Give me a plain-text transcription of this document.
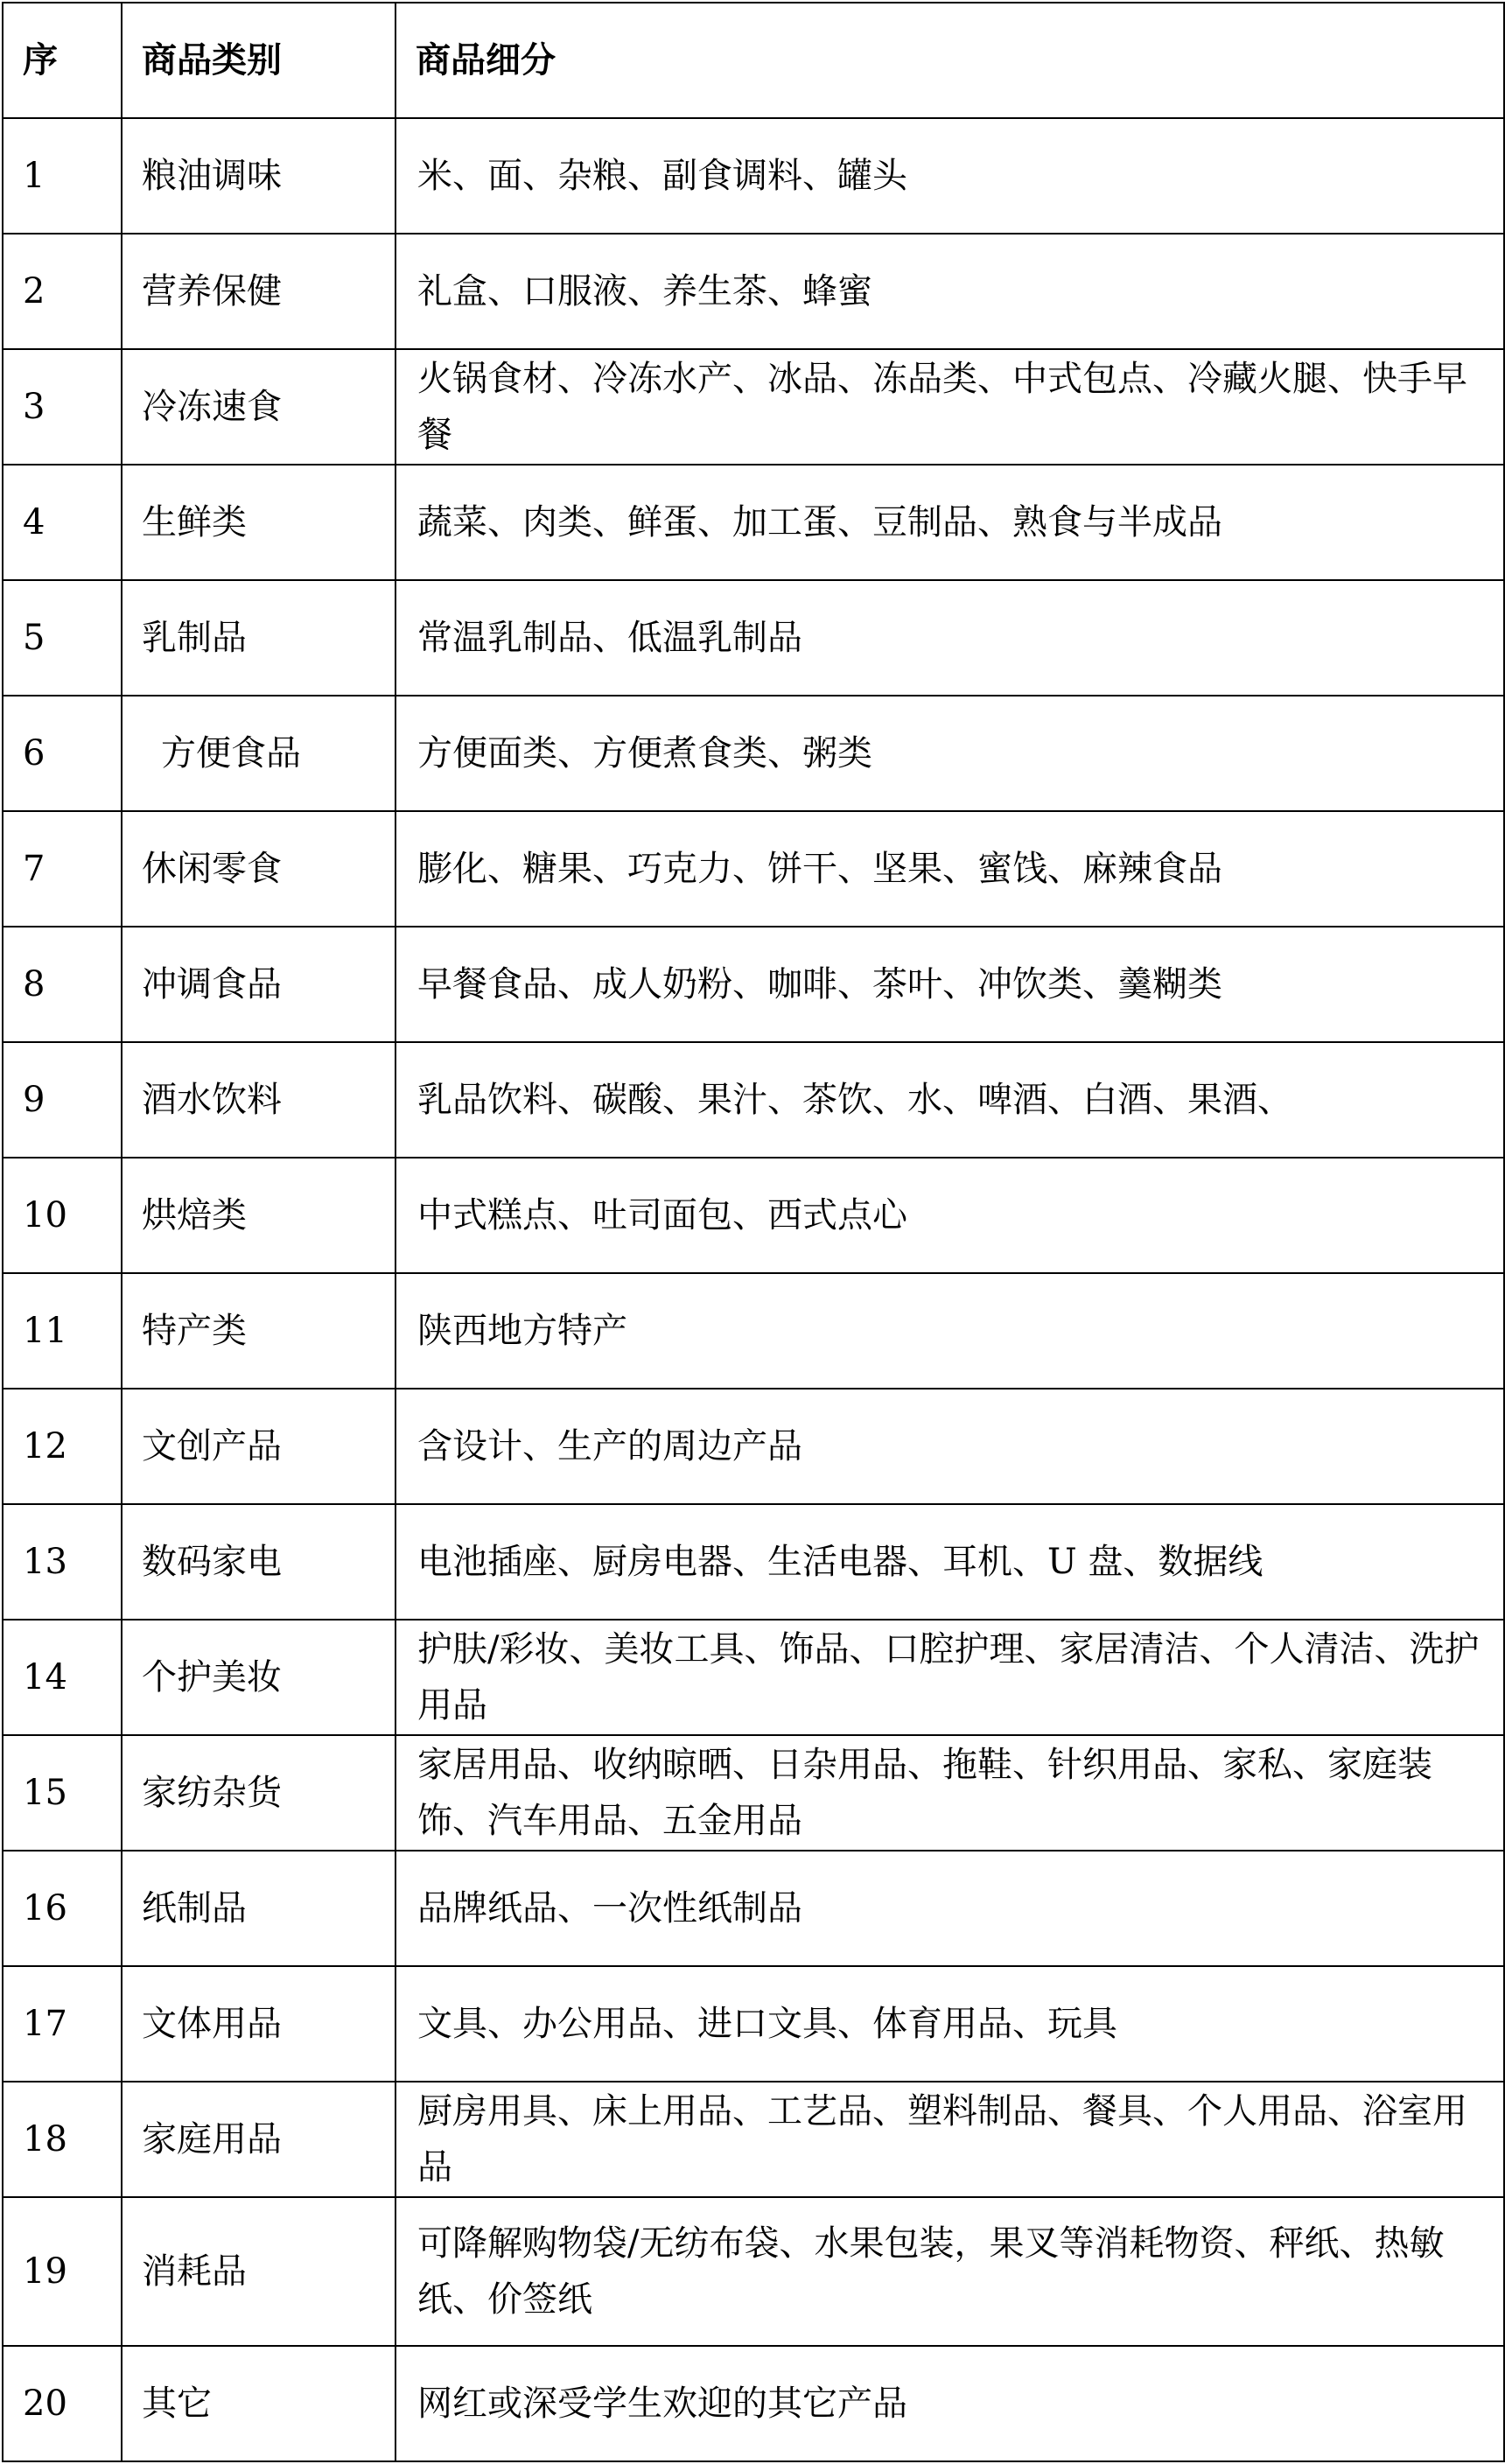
序	商品类别	商品细分
1	粮油调味	米、面、杂粮、副食调料、罐头
2	营养保健	礼盒、口服液、养生茶、蜂蜜
3	冷冻速食	火锅食材、冷冻水产、冰品、冻品类、中式包点、冷藏火腿、快手早餐
4	生鲜类	蔬菜、肉类、鲜蛋、加工蛋、豆制品、熟食与半成品
5	乳制品	常温乳制品、低温乳制品
6	方便食品	方便面类、方便煮食类、粥类
7	休闲零食	膨化、糖果、巧克力、饼干、坚果、蜜饯、麻辣食品
8	冲调食品	早餐食品、成人奶粉、咖啡、茶叶、冲饮类、羹糊类
9	酒水饮料	乳品饮料、碳酸、果汁、茶饮、水、啤酒、白酒、果酒、
10	烘焙类	中式糕点、吐司面包、西式点心
11	特产类	陕西地方特产
12	文创产品	含设计、生产的周边产品
13	数码家电	电池插座、厨房电器、生活电器、耳机、U 盘、数据线
14	个护美妆	护肤/彩妆、美妆工具、饰品、口腔护理、家居清洁、个人清洁、洗护用品
15	家纺杂货	家居用品、收纳晾晒、日杂用品、拖鞋、针织用品、家私、家庭装饰、汽车用品、五金用品
16	纸制品	品牌纸品、一次性纸制品
17	文体用品	文具、办公用品、进口文具、体育用品、玩具
18	家庭用品	厨房用具、床上用品、工艺品、塑料制品、餐具、个人用品、浴室用品
19	消耗品	可降解购物袋/无纺布袋、水果包装，果叉等消耗物资、秤纸、热敏纸、价签纸
20	其它	网红或深受学生欢迎的其它产品
